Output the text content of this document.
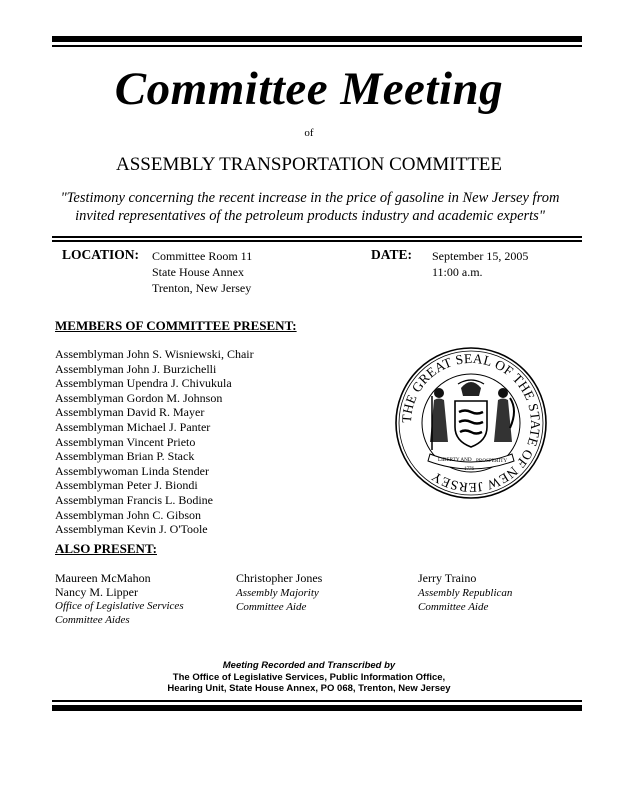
Committee Meeting
of
ASSEMBLY TRANSPORTATION COMMITTEE
"Testimony concerning the recent increase in the price of gasoline in New Jersey from
invited representatives of the petroleum products industry and academic experts"
LOCATION: Committee Room 11
State House Annex
Trenton, New Jersey
DATE: September 15, 2005
11:00 a.m.
MEMBERS OF COMMITTEE PRESENT:
Assemblyman John S. Wisniewski, Chair
Assemblyman John J. Burzichelli
Assemblyman Upendra J. Chivukula
Assemblyman Gordon M. Johnson
Assemblyman David R. Mayer
Assemblyman Michael J. Panter
Assemblyman Vincent Prieto
Assemblyman Brian P. Stack
Assemblywoman Linda Stender
Assemblyman Peter J. Biondi
Assemblyman Francis L. Bodine
Assemblyman John C. Gibson
Assemblyman Kevin J. O'Toole
THE GREAT SEAL OF THE STATE OF NEW JERSEY
LIBERTY AND PROSPERITY
1776
ALSO PRESENT:
Maureen McMahon
Nancy M. Lipper
Office of Legislative Services
Committee Aides
Christopher Jones
Assembly Majority
Committee Aide
Jerry Traino
Assembly Republican
Committee Aide
Meeting Recorded and Transcribed by
The Office of Legislative Services, Public Information Office,
Hearing Unit, State House Annex, PO 068, Trenton, New Jersey
